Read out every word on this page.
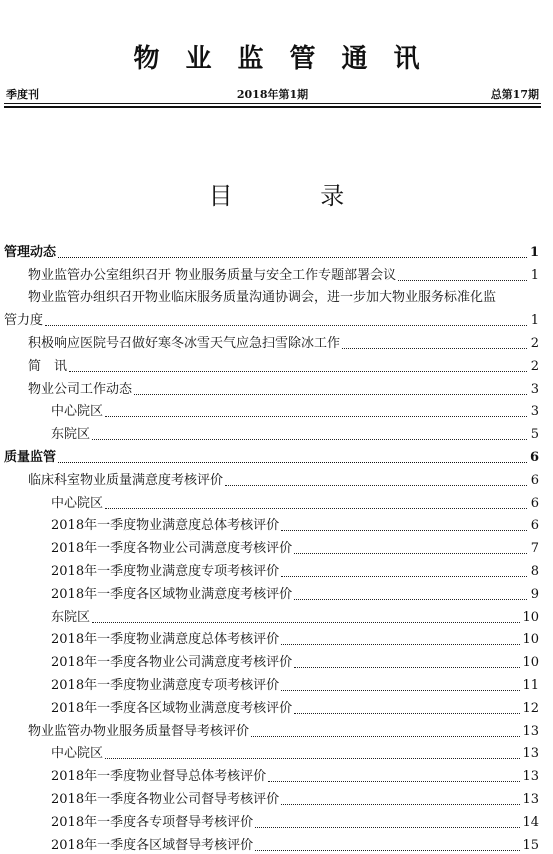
物业监管通讯
季度刊	2018年第1期	总第17期
目 录
管理动态	1
物业监管办公室组织召开 物业服务质量与安全工作专题部署会议	1
物业监管办组织召开物业临床服务质量沟通协调会，进一步加大物业服务标准化监
管力度	1
积极响应医院号召做好寒冬冰雪天气应急扫雪除冰工作	2
简　讯	2
物业公司工作动态	3
中心院区	3
东院区	5
质量监管	6
临床科室物业质量满意度考核评价	6
中心院区	6
2018年一季度物业满意度总体考核评价	6
2018年一季度各物业公司满意度考核评价	7
2018年一季度物业满意度专项考核评价	8
2018年一季度各区域物业满意度考核评价	9
东院区	10
2018年一季度物业满意度总体考核评价	10
2018年一季度各物业公司满意度考核评价	10
2018年一季度物业满意度专项考核评价	11
2018年一季度各区域物业满意度考核评价	12
物业监管办物业服务质量督导考核评价	13
中心院区	13
2018年一季度物业督导总体考核评价	13
2018年一季度各物业公司督导考核评价	13
2018年一季度各专项督导考核评价	14
2018年一季度各区域督导考核评价	15
